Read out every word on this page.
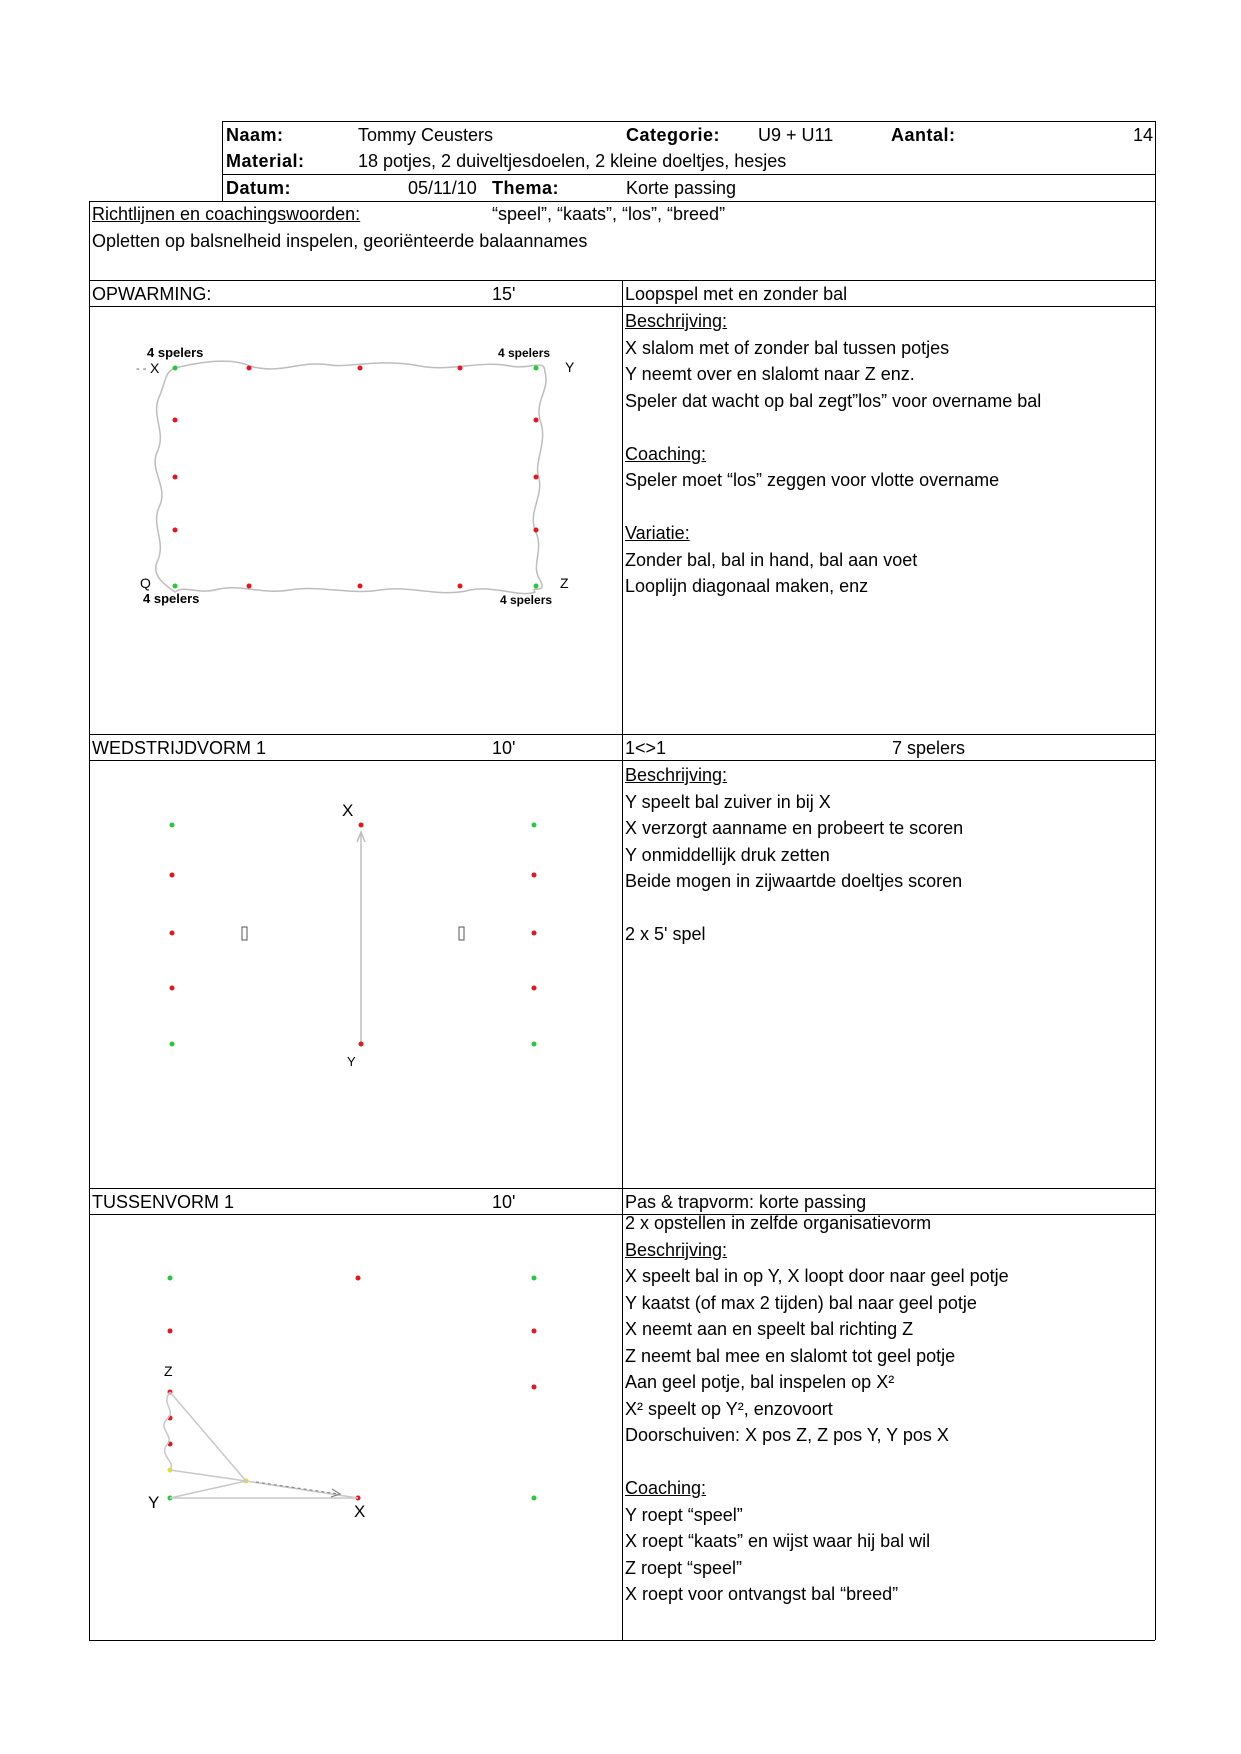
Naam:	Tommy Ceusters	Categorie: U9 + U11	Aantal:	14
Material:	18 potjes, 2 duiveltjesdoelen, 2 kleine doeltjes, hesjes
Datum:	05/11/10 Thema:	Korte passing
Richtlijnen en coachingswoorden:	“speel”, “kaats”, “los”, “breed”
Opletten op balsnelheid inspelen, georiënteerde balaannames
OPWARMING:	15'	Loopspel met en zonder bal
Beschrijving:
X slalom met of zonder bal tussen potjes
Y neemt over en slalomt naar Z enz.
Speler dat wacht op bal zegt”los” voor overname bal
Coaching:
Speler moet “los” zeggen voor vlotte overname
Variatie:
Zonder bal, bal in hand, bal aan voet
Looplijn diagonaal maken, enz
4 spelers	4 spelers
4 spelers	4 spelers
- - X	Y
Q	Z
WEDSTRIJDVORM 1	10'	1<>1	7 spelers
Beschrijving:
Y speelt bal zuiver in bij X
X verzorgt aanname en probeert te scoren
Y onmiddellijk druk zetten
Beide mogen in zijwaartde doeltjes scoren
2 x 5' spel
X
Y
TUSSENVORM 1	10'	Pas & trapvorm: korte passing
2 x opstellen in zelfde organisatievorm
Beschrijving:
X speelt bal in op Y, X loopt door naar geel potje
Y kaatst (of max 2 tijden) bal naar geel potje
X neemt aan en speelt bal richting Z
Z neemt bal mee en slalomt tot geel potje
Aan geel potje, bal inspelen op X²
X² speelt op Y², enzovoort
Doorschuiven: X pos Z, Z pos Y, Y pos X
Coaching:
Y roept “speel”
X roept “kaats” en wijst waar hij bal wil
Z roept “speel”
X roept voor ontvangst bal “breed”
Z
Y	X
